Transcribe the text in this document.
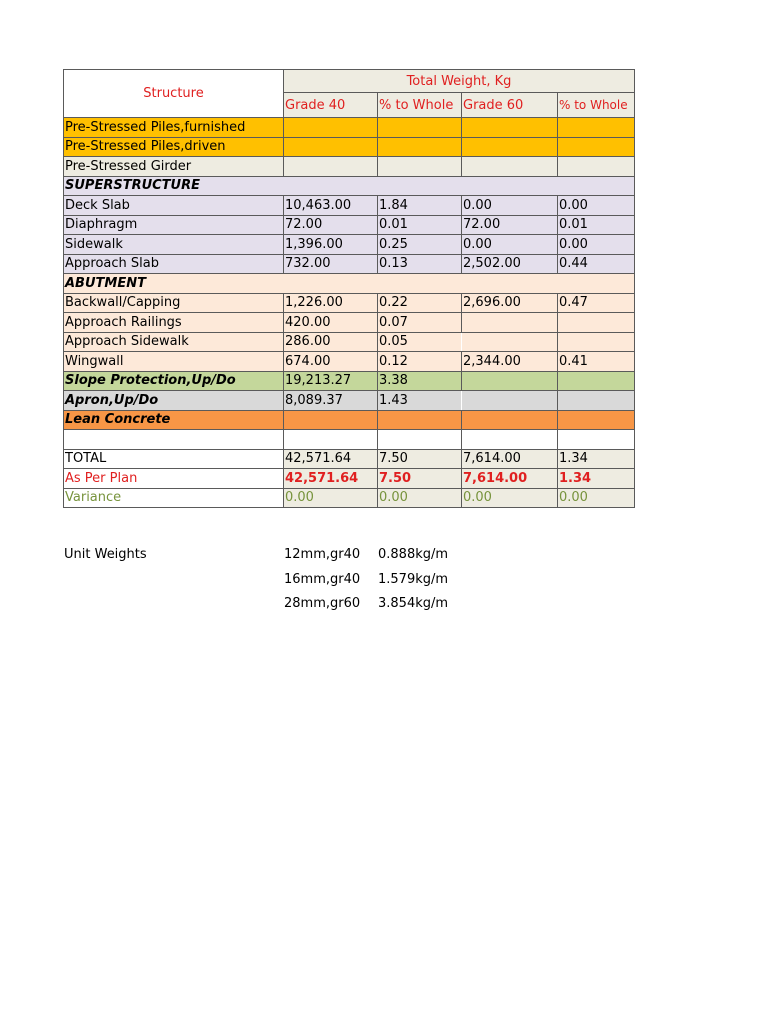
Structure	Total Weight, Kg			
	Grade 40	% to Whole	Grade 60	% to Whole
Pre-Stressed Piles,furnished				
Pre-Stressed Piles,driven				
Pre-Stressed Girder				
SUPERSTRUCTURE				
Deck Slab	10,463.00	1.84	0.00	0.00
Diaphragm	72.00	0.01	72.00	0.01
Sidewalk	1,396.00	0.25	0.00	0.00
Approach Slab	732.00	0.13	2,502.00	0.44
ABUTMENT				
Backwall/Capping	1,226.00	0.22	2,696.00	0.47
Approach Railings	420.00	0.07		
Approach Sidewalk	286.00	0.05		
Wingwall	674.00	0.12	2,344.00	0.41
Slope Protection,Up/Do	19,213.27	3.38		
Apron,Up/Do	8,089.37	1.43		
Lean Concrete				

TOTAL	42,571.64	7.50	7,614.00	1.34
As Per Plan	42,571.64	7.50	7,614.00	1.34
Variance	0.00	0.00	0.00	0.00
Unit Weights	12mm,gr40 0.888kg/m
16mm,gr40 1.579kg/m
28mm,gr60 3.854kg/m
